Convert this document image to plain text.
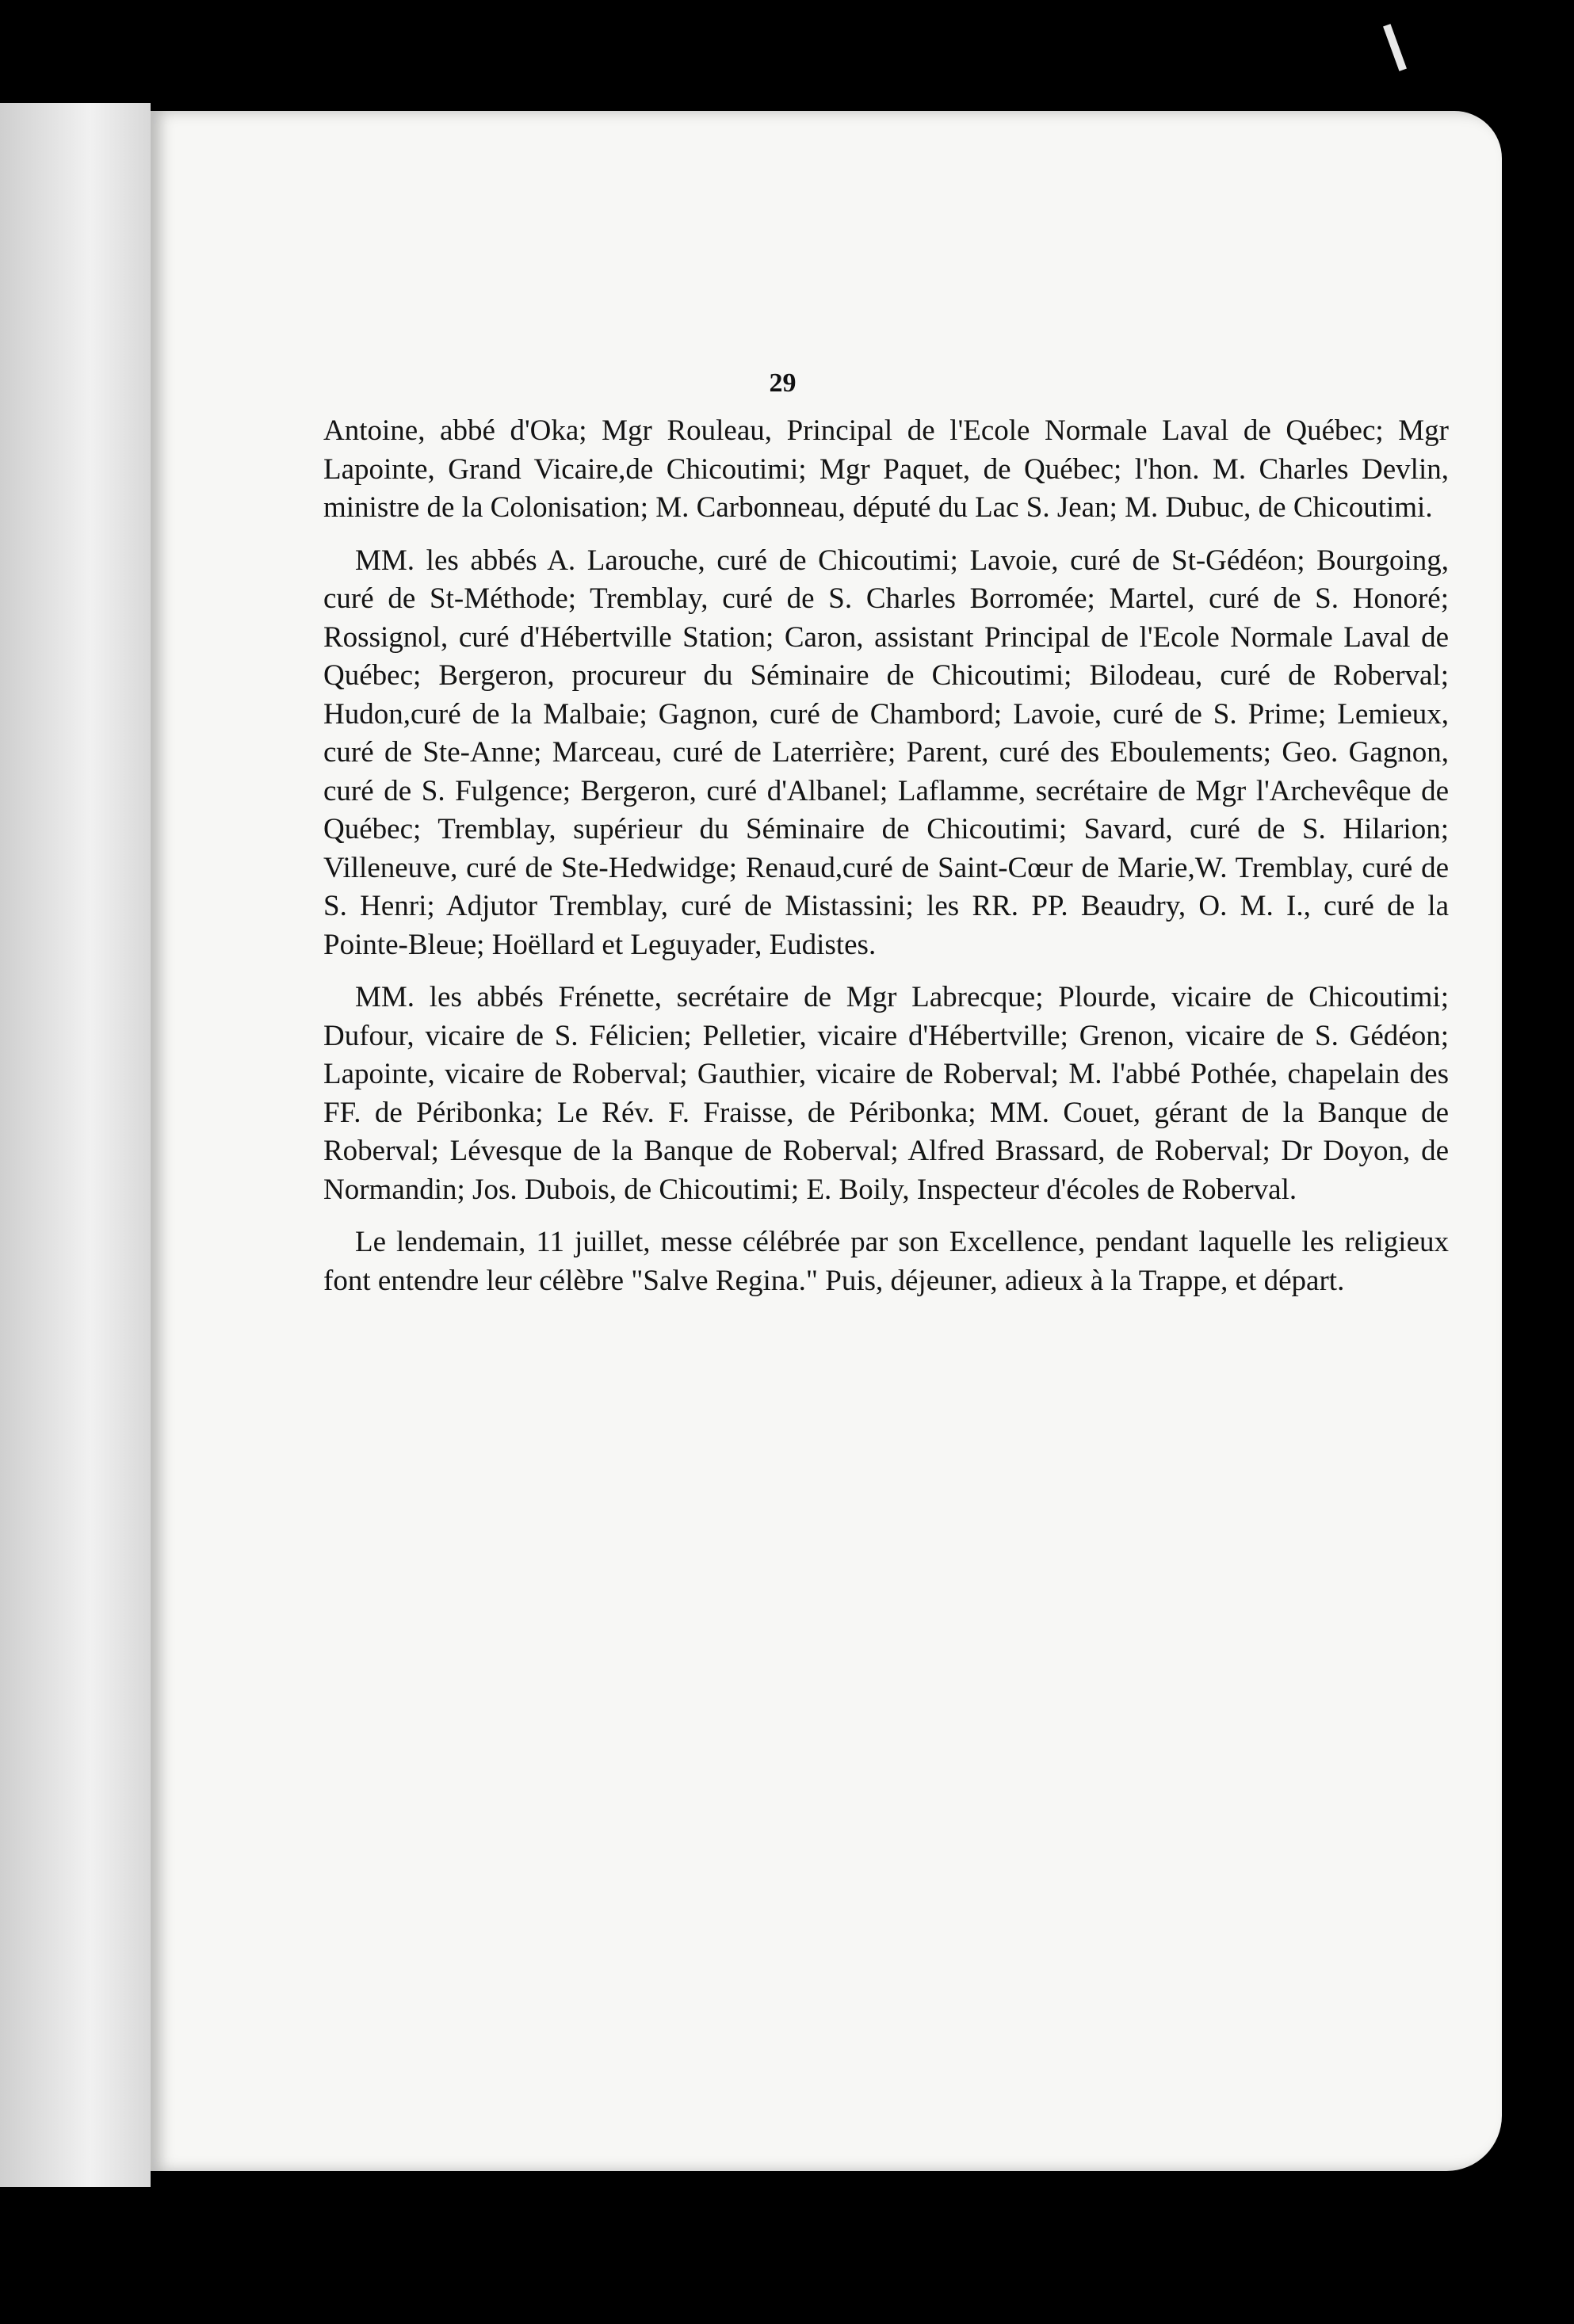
29

Antoine, abbé d'Oka; Mgr Rouleau, Principal de l'Ecole Normale Laval de Québec; Mgr Lapointe, Grand Vicaire,de Chicoutimi; Mgr Paquet, de Québec; l'hon. M. Charles Devlin, ministre de la Colonisation; M. Carbonneau, député du Lac S. Jean; M. Dubuc, de Chicoutimi.

MM. les abbés A. Larouche, curé de Chicoutimi; Lavoie, curé de St-Gédéon; Bourgoing, curé de St-Méthode; Tremblay, curé de S. Charles Borromée; Martel, curé de S. Honoré; Rossignol, curé d'Hébertville Station; Caron, assistant Principal de l'Ecole Normale Laval de Québec; Bergeron, procureur du Séminaire de Chicoutimi; Bilodeau, curé de Roberval; Hudon,curé de la Malbaie; Gagnon, curé de Chambord; Lavoie, curé de S. Prime; Lemieux, curé de Ste-Anne; Marceau, curé de Laterrière; Parent, curé des Eboulements; Geo. Gagnon, curé de S. Fulgence; Bergeron, curé d'Albanel; Laflamme, secrétaire de Mgr l'Archevêque de Québec; Tremblay, supérieur du Séminaire de Chicoutimi; Savard, curé de S. Hilarion; Villeneuve, curé de Ste-Hedwidge; Renaud,curé de Saint-Cœur de Marie,W. Tremblay, curé de S. Henri; Adjutor Tremblay, curé de Mistassini; les RR. PP. Beaudry, O. M. I., curé de la Pointe-Bleue; Hoëllard et Leguyader, Eudistes.

MM. les abbés Frénette, secrétaire de Mgr Labrecque; Plourde, vicaire de Chicoutimi; Dufour, vicaire de S. Félicien; Pelletier, vicaire d'Hébertville; Grenon, vicaire de S. Gédéon; Lapointe, vicaire de Roberval; Gauthier, vicaire de Roberval; M. l'abbé Pothée, chapelain des FF. de Péribonka; Le Rév. F. Fraisse, de Péribonka; MM. Couet, gérant de la Banque de Roberval; Lévesque de la Banque de Roberval; Alfred Brassard, de Roberval; Dr Doyon, de Normandin; Jos. Dubois, de Chicoutimi; E. Boily, Inspecteur d'écoles de Roberval.

Le lendemain, 11 juillet, messe célébrée par son Excellence, pendant laquelle les religieux font entendre leur célèbre "Salve Regina." Puis, déjeuner, adieux à la Trappe, et départ.
